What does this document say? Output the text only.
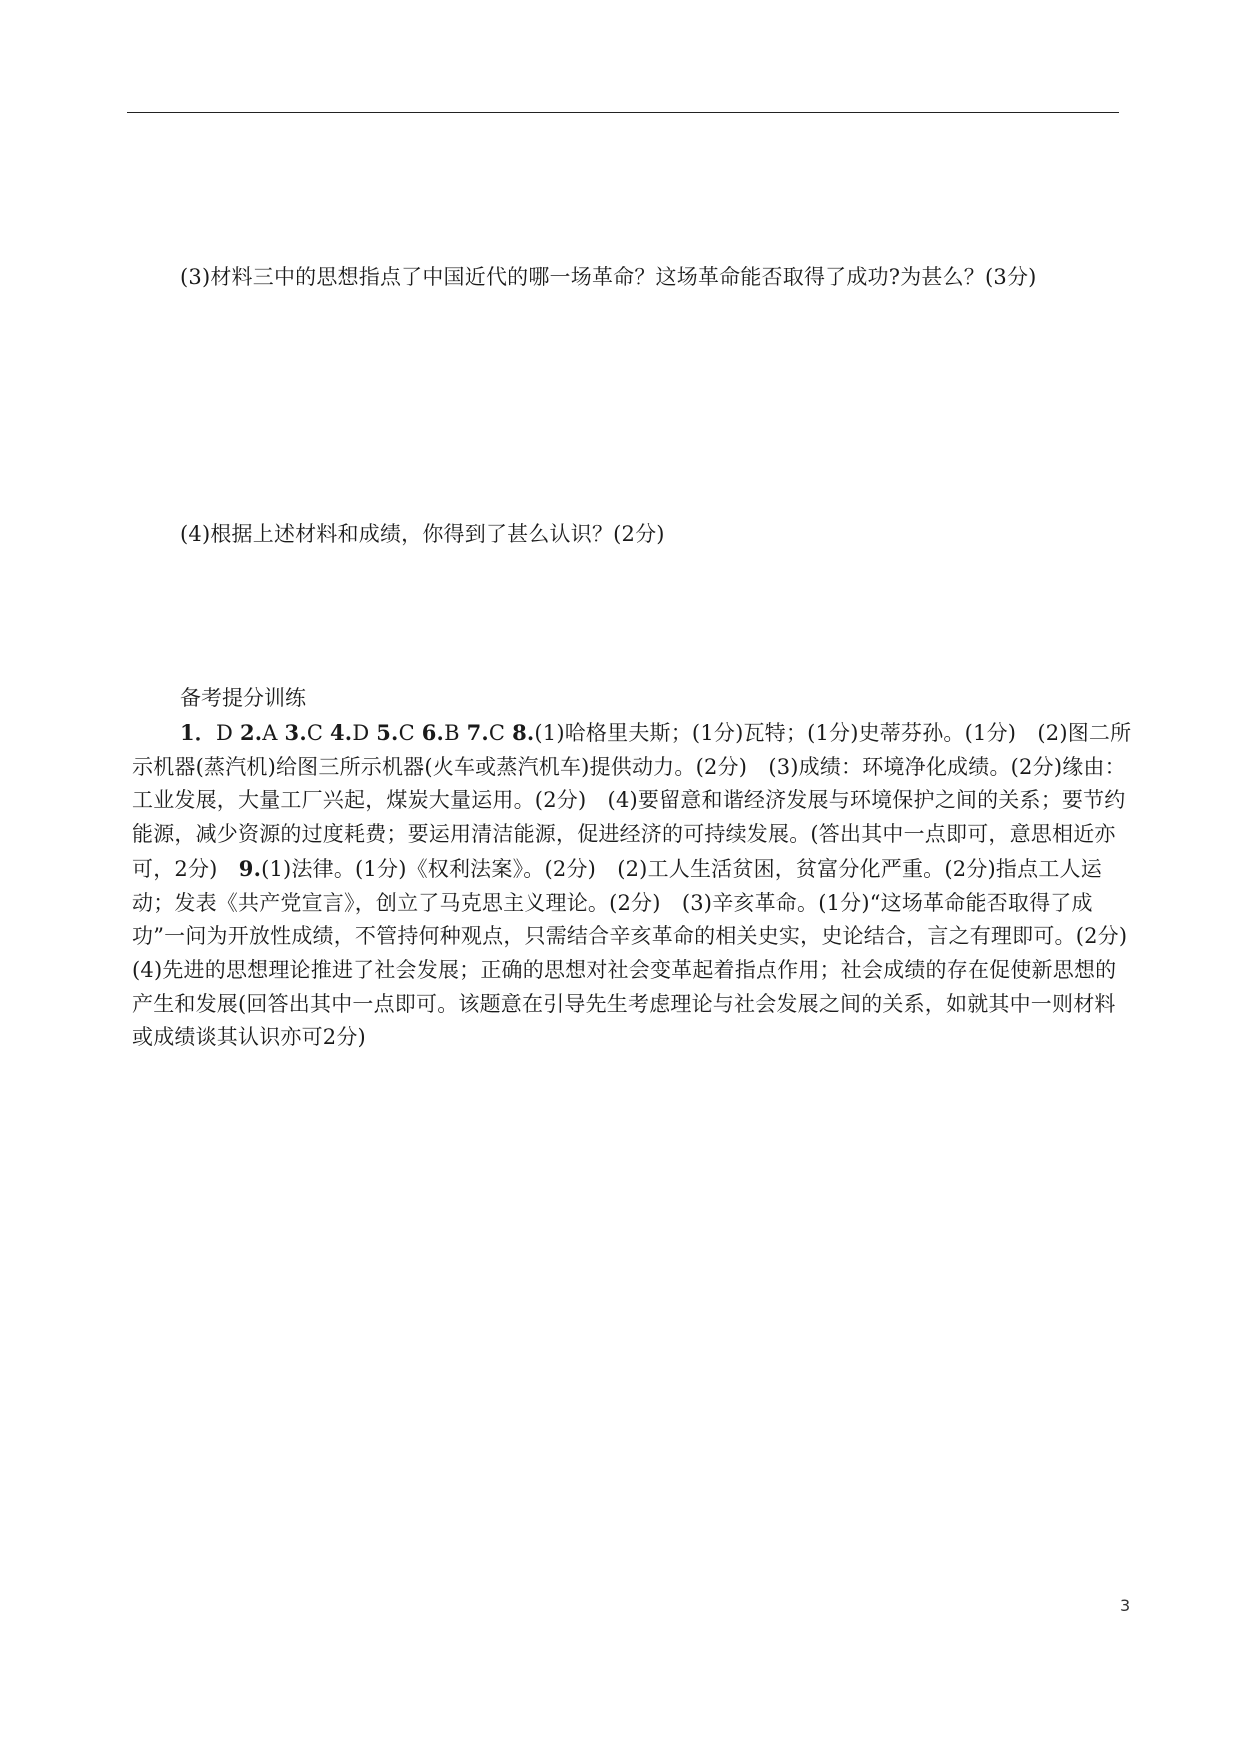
(3)材料三中的思想指点了中国近代的哪一场革命？这场革命能否取得了成功?为甚么？(3分)

(4)根据上述材料和成绩，你得到了甚么认识？(2分)

备考提分训练

1．D 2.A 3.C 4.D 5.C 6.B 7.C 8.(1)哈格里夫斯；(1分)瓦特；(1分)史蒂芬孙。(1分)　(2)图二所示机器(蒸汽机)给图三所示机器(火车或蒸汽机车)提供动力。(2分)　(3)成绩：环境净化成绩。(2分)缘由：工业发展，大量工厂兴起，煤炭大量运用。(2分)　(4)要留意和谐经济发展与环境保护之间的关系；要节约能源，减少资源的过度耗费；要运用清洁能源，促进经济的可持续发展。(答出其中一点即可，意思相近亦可，2分)　9.(1)法律。(1分)《权利法案》。(2分)　(2)工人生活贫困，贫富分化严重。(2分)指点工人运动；发表《共产党宣言》，创立了马克思主义理论。(2分)　(3)辛亥革命。(1分)“这场革命能否取得了成功”一问为开放性成绩，不管持何种观点，只需结合辛亥革命的相关史实，史论结合，言之有理即可。(2分)　(4)先进的思想理论推进了社会发展；正确的思想对社会变革起着指点作用；社会成绩的存在促使新思想的产生和发展(回答出其中一点即可。该题意在引导先生考虑理论与社会发展之间的关系，如就其中一则材料或成绩谈其认识亦可2分)

3
